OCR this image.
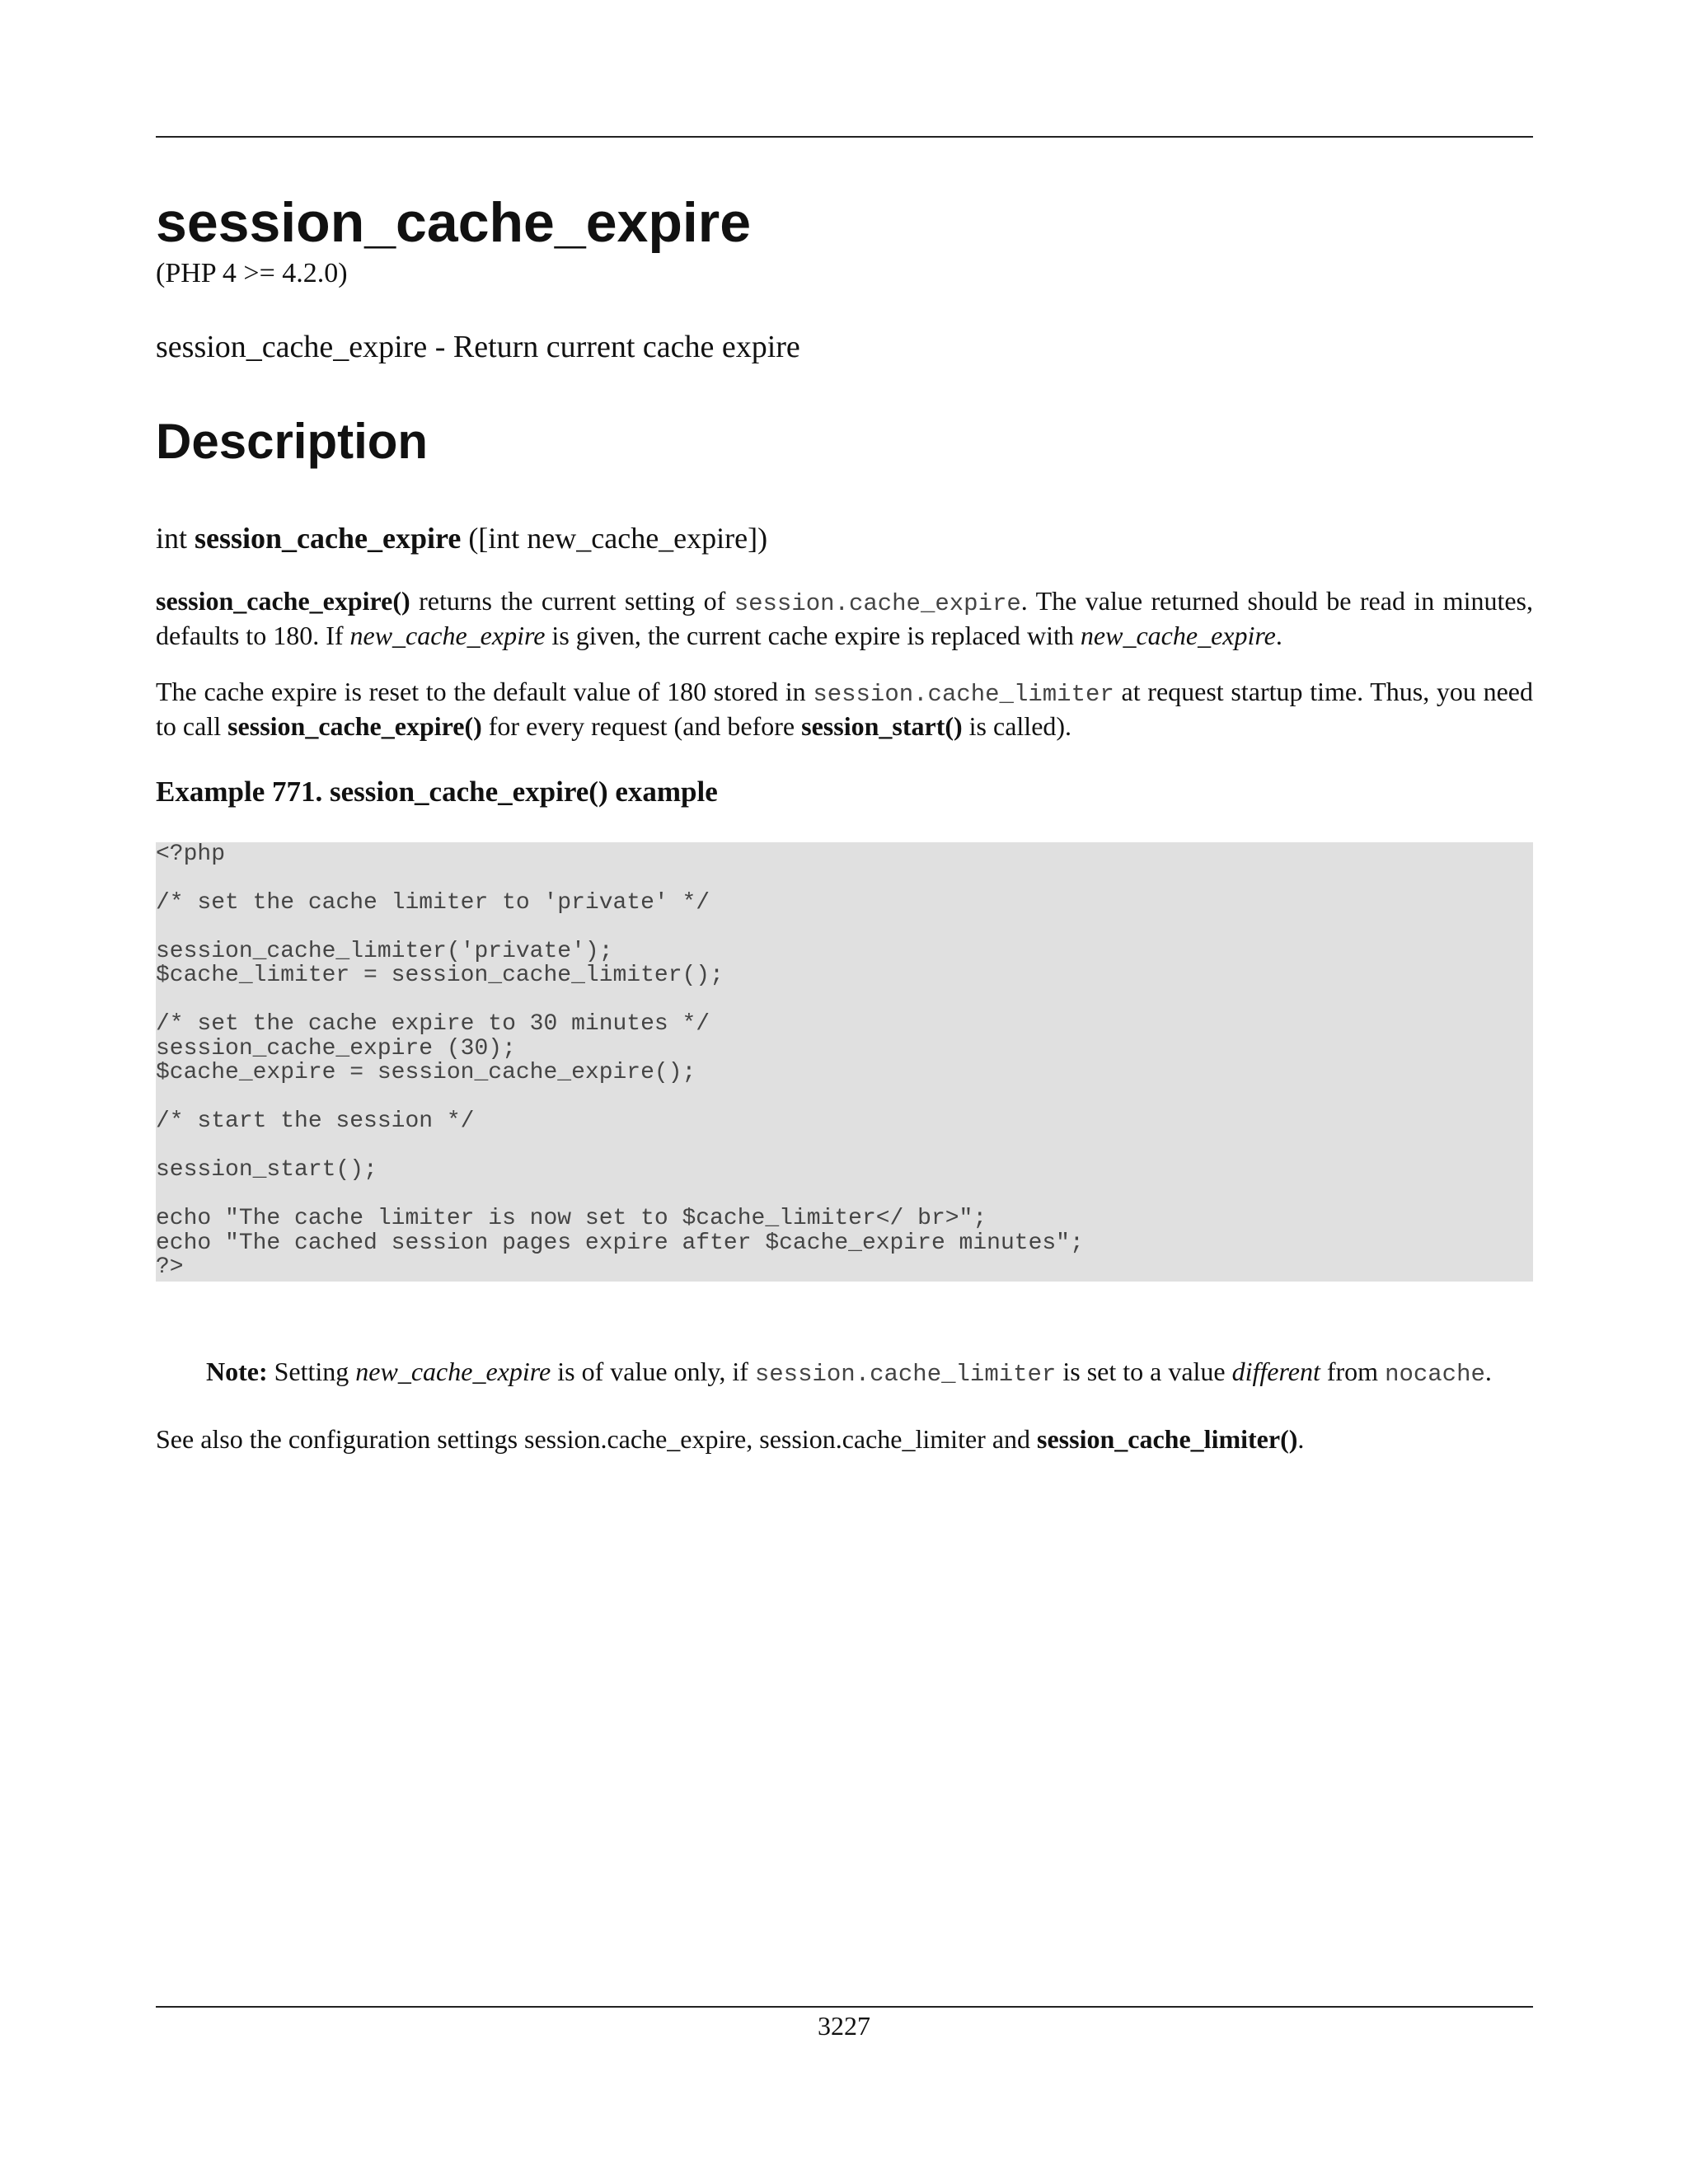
session_cache_expire
(PHP 4 >= 4.2.0)
session_cache_expire - Return current cache expire
Description
int session_cache_expire ([int new_cache_expire])

session_cache_expire() returns the current setting of session.cache_expire. The value returned should be read in minutes, defaults to 180. If new_cache_expire is given, the current cache expire is replaced with new_cache_expire.

The cache expire is reset to the default value of 180 stored in session.cache_limiter at request startup time. Thus, you need to call session_cache_expire() for every request (and before session_start() is called).

Example 771. session_cache_expire() example
<?php

/* set the cache limiter to 'private' */

session_cache_limiter('private');
$cache_limiter = session_cache_limiter();

/* set the cache expire to 30 minutes */
session_cache_expire (30);
$cache_expire = session_cache_expire();

/* start the session */

session_start();

echo "The cache limiter is now set to $cache_limiter</ br>";
echo "The cached session pages expire after $cache_expire minutes";
?>
Note: Setting new_cache_expire is of value only, if session.cache_limiter is set to a value different from nocache.

See also the configuration settings session.cache_expire, session.cache_limiter and session_cache_limiter().

3227
